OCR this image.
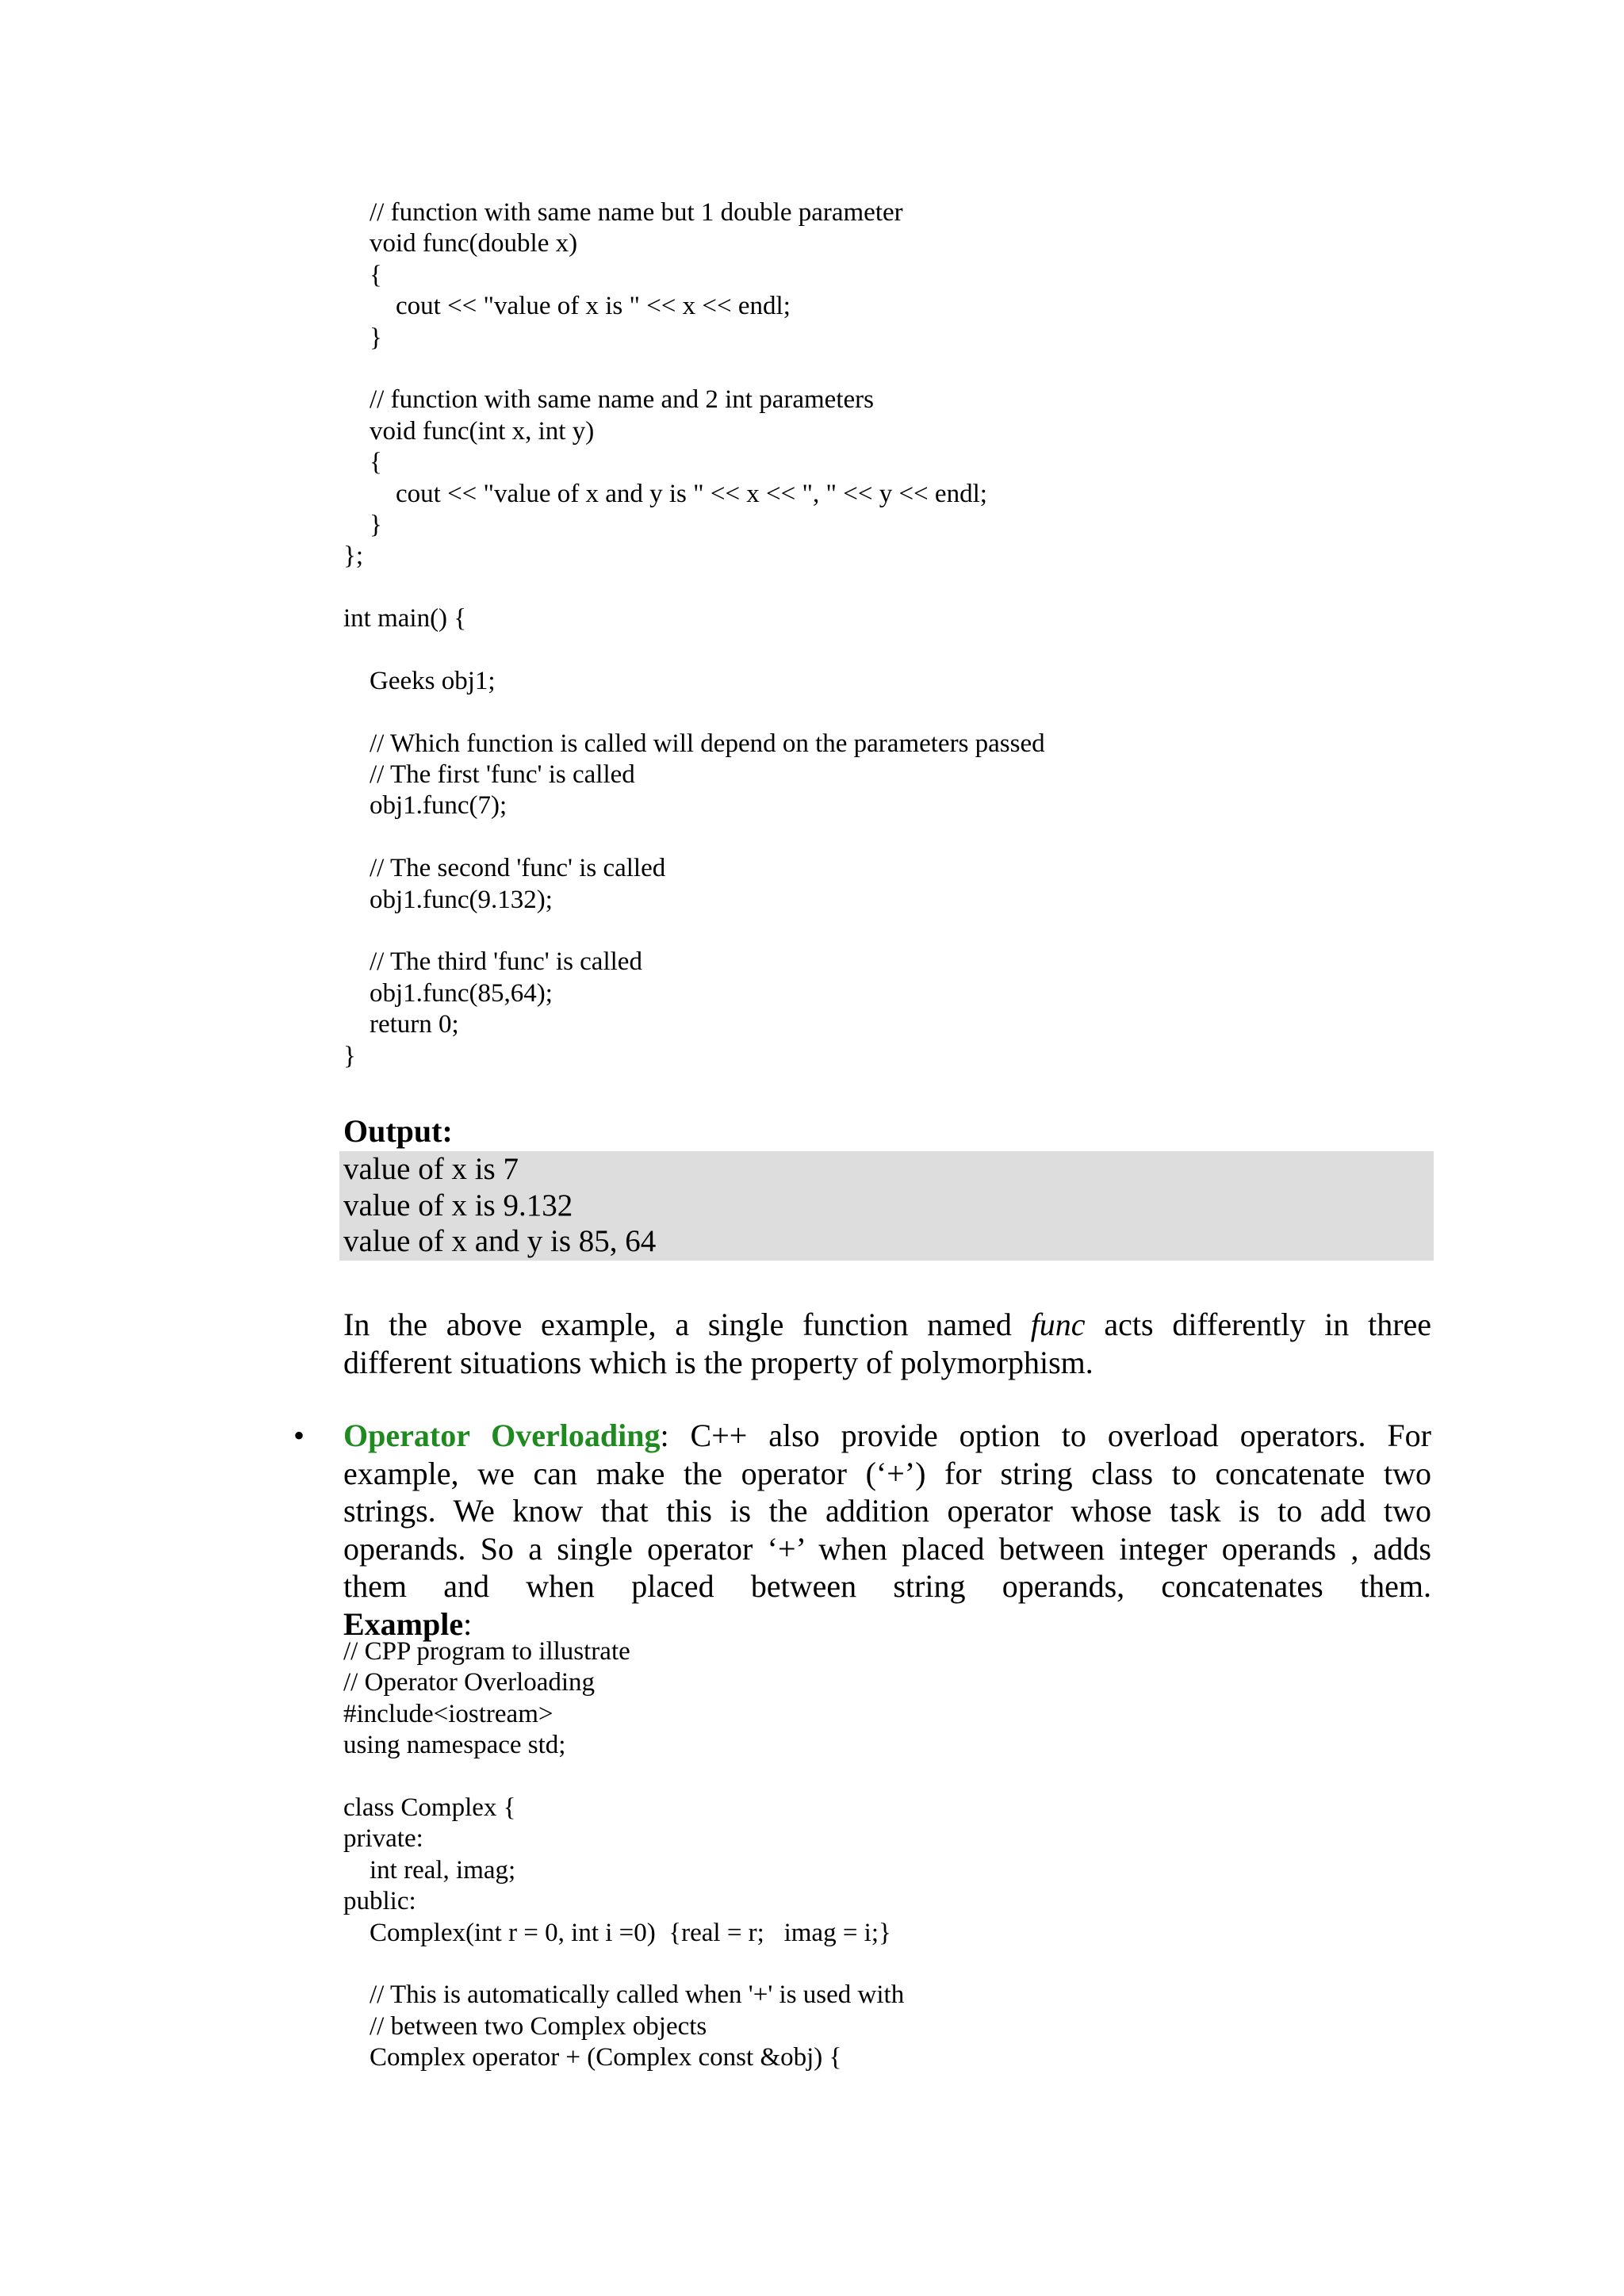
// function with same name but 1 double parameter
void func(double x)
{
cout << "value of x is " << x << endl;
}

// function with same name and 2 int parameters
void func(int x, int y)
{
cout << "value of x and y is " << x << ", " << y << endl;
}
};

int main() {

Geeks obj1;

// Which function is called will depend on the parameters passed
// The first 'func' is called
obj1.func(7);

// The second 'func' is called
obj1.func(9.132);

// The third 'func' is called
obj1.func(85,64);
return 0;
}
Output:
value of x is 7
value of x is 9.132
value of x and y is 85, 64
In the above example, a single function named func acts differently in three
different situations which is the property of polymorphism.
• Operator Overloading: C++ also provide option to overload operators. For
example, we can make the operator (‘+’) for string class to concatenate two
strings. We know that this is the addition operator whose task is to add two
operands. So a single operator ‘+’ when placed between integer operands , adds
them and when placed between string operands, concatenates them.
Example:
// CPP program to illustrate
// Operator Overloading
#include<iostream>
using namespace std;

class Complex {
private:
int real, imag;
public:
Complex(int r = 0, int i =0)  {real = r;   imag = i;}

// This is automatically called when '+' is used with
// between two Complex objects
Complex operator + (Complex const &obj) {
